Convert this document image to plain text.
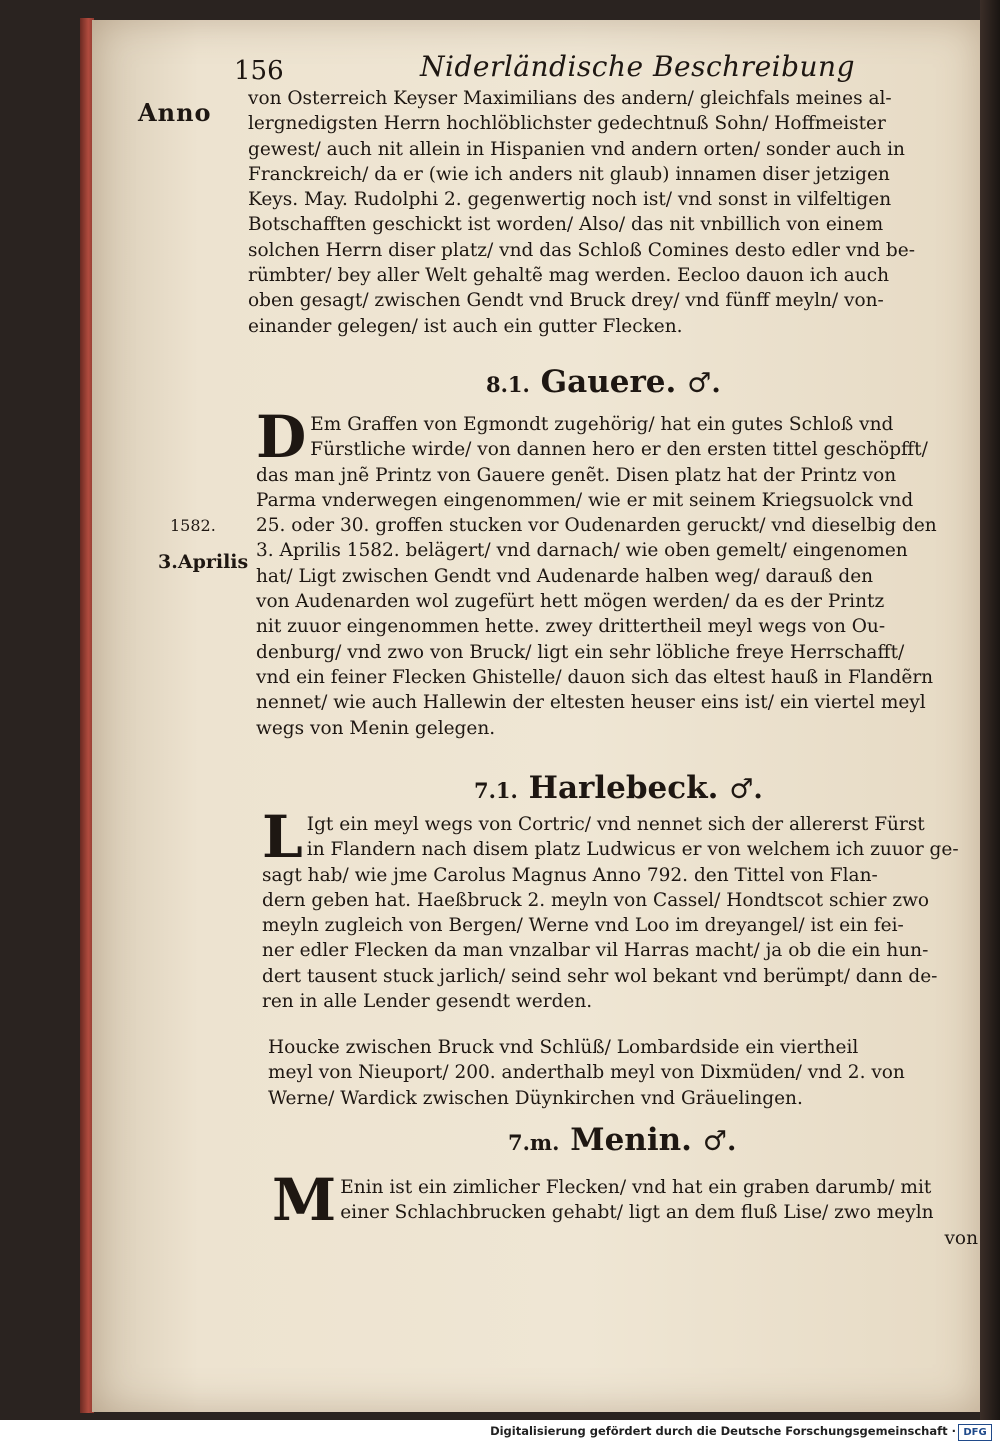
156	Niderländische Beschreibung
Anno
1582.
3.Aprilis
von Osterreich Keyser Maximilians des andern/ gleichfals meines al-
lergnedigsten Herrn hochlöblichster gedechtnuß Sohn/ Hoffmeister
gewest/ auch nit allein in Hispanien vnd andern orten/ sonder auch in
Franckreich/ da er (wie ich anders nit glaub) innamen diser jetzigen
Keys. May. Rudolphi 2. gegenwertig noch ist/ vnd sonst in vilfeltigen
Botschafften geschickt ist worden/ Also/ das nit vnbillich von einem
solchen Herrn diser platz/ vnd das Schloß Comines desto edler vnd be-
rümbter/ bey aller Welt gehaltẽ mag werden. Eecloo dauon ich auch
oben gesagt/ zwischen Gendt vnd Bruck drey/ vnd fünff meyln/ von-
einander gelegen/ ist auch ein gutter Flecken.
8.1. Gauere. ♂.
D Em Graffen von Egmondt zugehörig/ hat ein gutes Schloß vnd
Fürstliche wirde/ von dannen hero er den ersten tittel geschöpfft/
das man jnẽ Printz von Gauere genẽt. Disen platz hat der Printz von
Parma vnderwegen eingenommen/ wie er mit seinem Kriegsuolck vnd
25. oder 30. groffen stucken vor Oudenarden geruckt/ vnd dieselbig den
3. Aprilis 1582. belägert/ vnd darnach/ wie oben gemelt/ eingenomen
hat/ Ligt zwischen Gendt vnd Audenarde halben weg/ darauß den
von Audenarden wol zugefürt hett mögen werden/ da es der Printz
nit zuuor eingenommen hette. zwey drittertheil meyl wegs von Ou-
denburg/ vnd zwo von Bruck/ ligt ein sehr löbliche freye Herrschafft/
vnd ein feiner Flecken Ghistelle/ dauon sich das eltest hauß in Flandẽrn
nennet/ wie auch Hallewin der eltesten heuser eins ist/ ein viertel meyl
wegs von Menin gelegen.
7.1. Harlebeck. ♂.
L Igt ein meyl wegs von Cortric/ vnd nennet sich der allererst Fürst
in Flandern nach disem platz Ludwicus er von welchem ich zuuor ge-
sagt hab/ wie jme Carolus Magnus Anno 792. den Tittel von Flan-
dern geben hat. Haeßbruck 2. meyln von Cassel/ Hondtscot schier zwo
meyln zugleich von Bergen/ Werne vnd Loo im dreyangel/ ist ein fei-
ner edler Flecken da man vnzalbar vil Harras macht/ ja ob die ein hun-
dert tausent stuck jarlich/ seind sehr wol bekant vnd berümpt/ dann de-
ren in alle Lender gesendt werden.
Houcke zwischen Bruck vnd Schlüß/ Lombardside ein viertheil
meyl von Nieuport/ 200. anderthalb meyl von Dixmüden/ vnd 2. von
Werne/ Wardick zwischen Düynkirchen vnd Gräuelingen.
7.m. Menin. ♂.
M Enin ist ein zimlicher Flecken/ vnd hat ein graben darumb/ mit
einer Schlachbrucken gehabt/ ligt an dem fluß Lise/ zwo meyln
von
Digitalisierung gefördert durch die Deutsche Forschungsgemeinschaft · DFG
